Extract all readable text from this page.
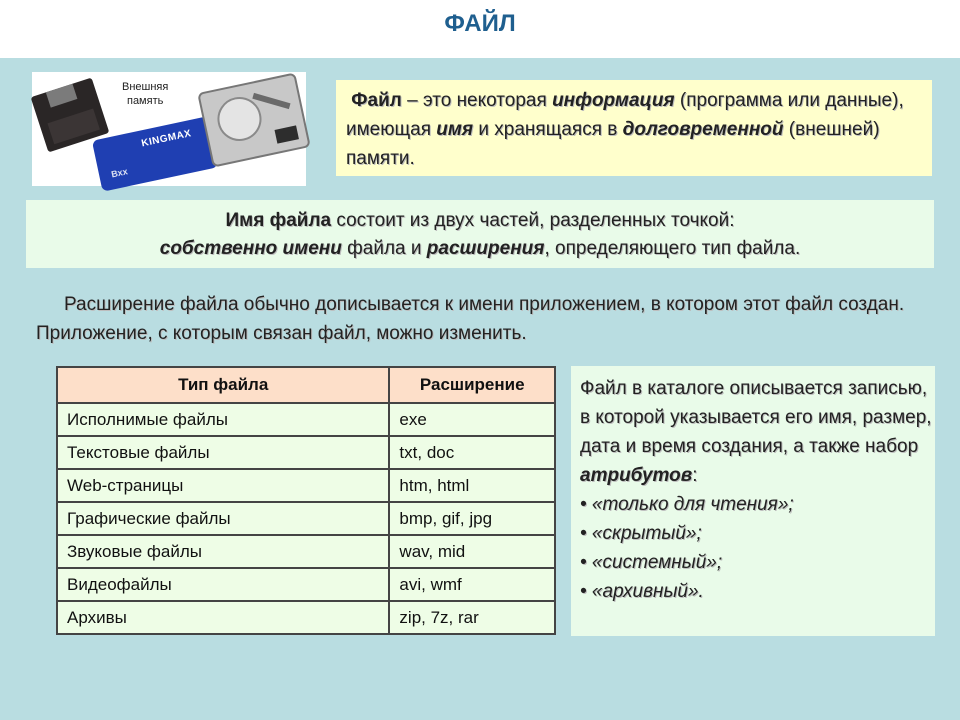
ФАЙЛ
Внешняя
память
KINGMAX
Bxx
Файл – это некоторая информация (программа или данные), имеющая имя и хранящаяся в долговременной (внешней) памяти.
Имя файла состоит из двух частей, разделенных точкой:
собственно имени файла и расширения, определяющего тип файла.
Расширение файла обычно дописывается к имени приложением, в котором этот файл создан. Приложение, с которым связан файл, можно изменить.
Тип файла	Расширение
Исполнимые файлы	exe
Текстовые файлы	txt, doc
Web-страницы	htm, html
Графические файлы	bmp, gif, jpg
Звуковые файлы	wav, mid
Видеофайлы	avi, wmf
Архивы	zip, 7z, rar
Файл в каталоге описывается записью, в которой указывается его имя, размер, дата и время создания, а также набор атрибутов:
• «только для чтения»;
• «скрытый»;
• «системный»;
• «архивный».
